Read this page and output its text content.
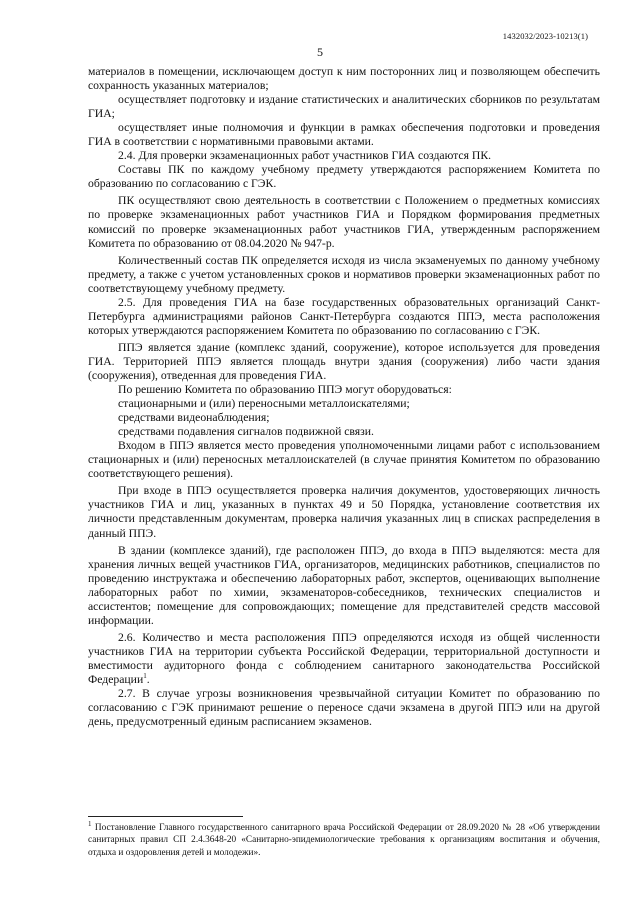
1432032/2023-10213(1)
5

материалов в помещении, исключающем доступ к ним посторонних лиц и позволяющем обеспечить сохранность указанных материалов;

осуществляет подготовку и издание статистических и аналитических сборников по результатам ГИА;

осуществляет иные полномочия и функции в рамках обеспечения подготовки и проведения ГИА в соответствии с нормативными правовыми актами.

2.4. Для проверки экзаменационных работ участников ГИА создаются ПК.

Составы ПК по каждому учебному предмету утверждаются распоряжением Комитета по образованию по согласованию с ГЭК.

ПК осуществляют свою деятельность в соответствии с Положением о предметных комиссиях по проверке экзаменационных работ участников ГИА и Порядком формирования предметных комиссий по проверке экзаменационных работ участников ГИА, утвержденным распоряжением Комитета по образованию от 08.04.2020 № 947-р.

Количественный состав ПК определяется исходя из числа экзаменуемых по данному учебному предмету, а также с учетом установленных сроков и нормативов проверки экзаменационных работ по соответствующему учебному предмету.

2.5. Для проведения ГИА на базе государственных образовательных организаций Санкт-Петербурга администрациями районов Санкт-Петербурга создаются ППЭ, места расположения которых утверждаются распоряжением Комитета по образованию по согласованию с ГЭК.

ППЭ является здание (комплекс зданий, сооружение), которое используется для проведения ГИА. Территорией ППЭ является площадь внутри здания (сооружения) либо части здания (сооружения), отведенная для проведения ГИА.

По решению Комитета по образованию ППЭ могут оборудоваться:

стационарными и (или) переносными металлоискателями;

средствами видеонаблюдения;

средствами подавления сигналов подвижной связи.

Входом в ППЭ является место проведения уполномоченными лицами работ с использованием стационарных и (или) переносных металлоискателей (в случае принятия Комитетом по образованию соответствующего решения).

При входе в ППЭ осуществляется проверка наличия документов, удостоверяющих личность участников ГИА и лиц, указанных в пунктах 49 и 50 Порядка, установление соответствия их личности представленным документам, проверка наличия указанных лиц в списках распределения в данный ППЭ.

В здании (комплексе зданий), где расположен ППЭ, до входа в ППЭ выделяются: места для хранения личных вещей участников ГИА, организаторов, медицинских работников, специалистов по проведению инструктажа и обеспечению лабораторных работ, экспертов, оценивающих выполнение лабораторных работ по химии, экзаменаторов-собеседников, технических специалистов и ассистентов; помещение для сопровождающих; помещение для представителей средств массовой информации.

2.6. Количество и места расположения ППЭ определяются исходя из общей численности участников ГИА на территории субъекта Российской Федерации, территориальной доступности и вместимости аудиторного фонда с соблюдением санитарного законодательства Российской Федерации$^1$.

2.7. В случае угрозы возникновения чрезвычайной ситуации Комитет по образованию по согласованию с ГЭК принимают решение о переносе сдачи экзамена в другой ППЭ или на другой день, предусмотренный единым расписанием экзаменов.

$^1$ Постановление Главного государственного санитарного врача Российской Федерации от 28.09.2020 № 28 «Об утверждении санитарных правил СП 2.4.3648-20 «Санитарно-эпидемиологические требования к организациям воспитания и обучения, отдыха и оздоровления детей и молодежи».
